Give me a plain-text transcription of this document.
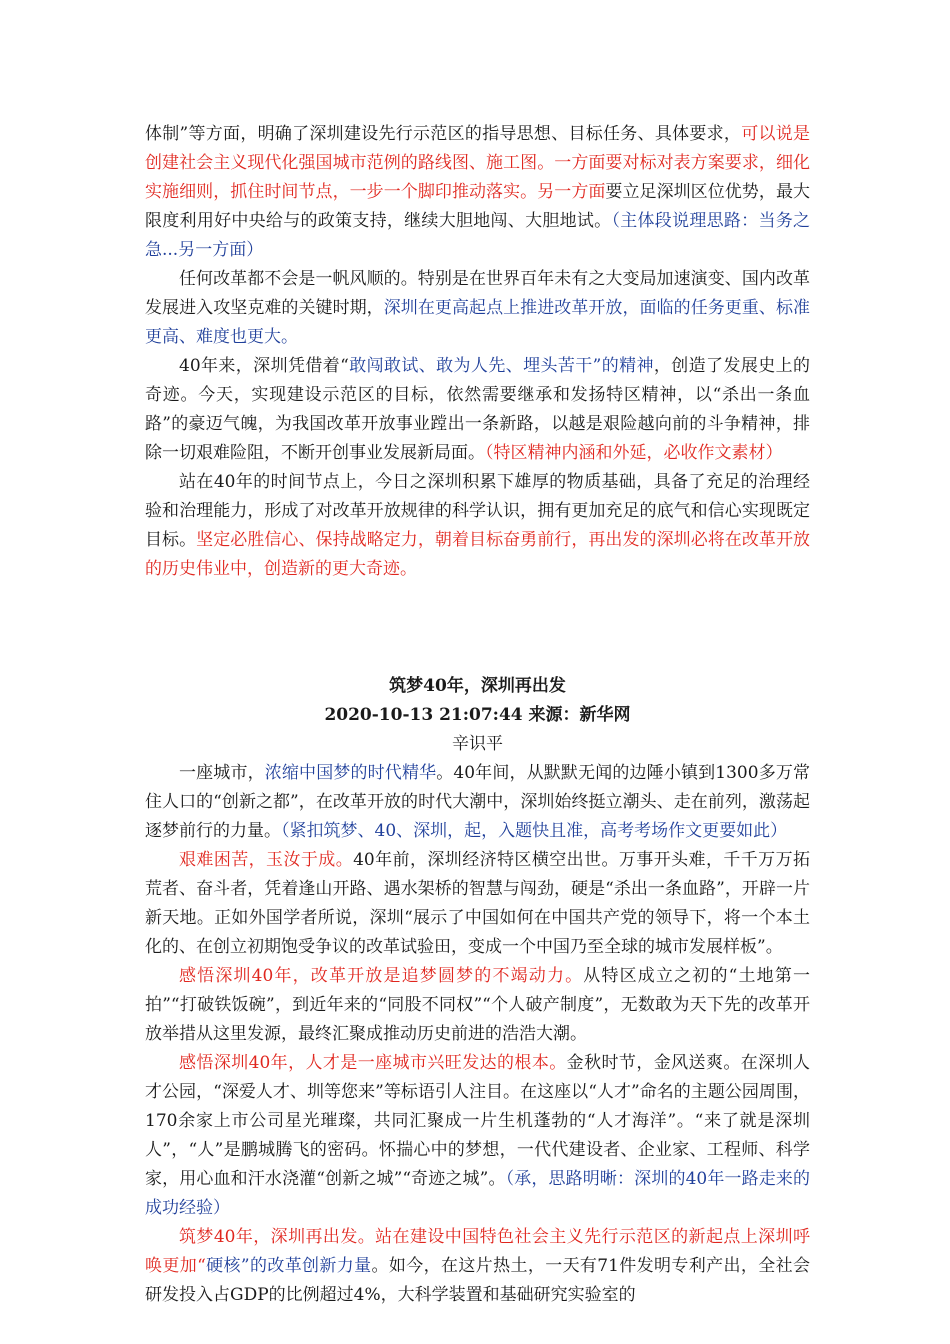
体制”等方面，明确了深圳建设先行示范区的指导思想、目标任务、具体要求，可以说是创建社会主义现代化强国城市范例的路线图、施工图。一方面要对标对表方案要求，细化实施细则，抓住时间节点，一步一个脚印推动落实。另一方面要立足深圳区位优势，最大限度利用好中央给与的政策支持，继续大胆地闯、大胆地试。（主体段说理思路：当务之急...另一方面）

任何改革都不会是一帆风顺的。特别是在世界百年未有之大变局加速演变、国内改革发展进入攻坚克难的关键时期，深圳在更高起点上推进改革开放，面临的任务更重、标准更高、难度也更大。

40年来，深圳凭借着“敢闯敢试、敢为人先、埋头苦干”的精神，创造了发展史上的奇迹。今天，实现建设示范区的目标，依然需要继承和发扬特区精神，以“杀出一条血路”的豪迈气魄，为我国改革开放事业蹚出一条新路，以越是艰险越向前的斗争精神，排除一切艰难险阻，不断开创事业发展新局面。（特区精神内涵和外延，必收作文素材）

站在40年的时间节点上，今日之深圳积累下雄厚的物质基础，具备了充足的治理经验和治理能力，形成了对改革开放规律的科学认识，拥有更加充足的底气和信心实现既定目标。坚定必胜信心、保持战略定力，朝着目标奋勇前行，再出发的深圳必将在改革开放的历史伟业中，创造新的更大奇迹。

筑梦40年，深圳再出发

2020-10-13 21:07:44 来源：新华网

辛识平

一座城市，浓缩中国梦的时代精华。40年间，从默默无闻的边陲小镇到1300多万常住人口的“创新之都”，在改革开放的时代大潮中，深圳始终挺立潮头、走在前列，激荡起逐梦前行的力量。（紧扣筑梦、40、深圳，起，入题快且准，高考考场作文更要如此）

艰难困苦，玉汝于成。40年前，深圳经济特区横空出世。万事开头难，千千万万拓荒者、奋斗者，凭着逢山开路、遇水架桥的智慧与闯劲，硬是“杀出一条血路”，开辟一片新天地。正如外国学者所说，深圳“展示了中国如何在中国共产党的领导下，将一个本土化的、在创立初期饱受争议的改革试验田，变成一个中国乃至全球的城市发展样板”。

感悟深圳40年，改革开放是追梦圆梦的不竭动力。从特区成立之初的“土地第一拍”“打破铁饭碗”，到近年来的“同股不同权”“个人破产制度”，无数敢为天下先的改革开放举措从这里发源，最终汇聚成推动历史前进的浩浩大潮。

感悟深圳40年，人才是一座城市兴旺发达的根本。金秋时节，金风送爽。在深圳人才公园，“深爱人才、圳等您来”等标语引人注目。在这座以“人才”命名的主题公园周围，170余家上市公司星光璀璨，共同汇聚成一片生机蓬勃的“人才海洋”。“来了就是深圳人”，“人”是鹏城腾飞的密码。怀揣心中的梦想，一代代建设者、企业家、工程师、科学家，用心血和汗水浇灌“创新之城”“奇迹之城”。（承，思路明晰：深圳的40年一路走来的成功经验）

筑梦40年，深圳再出发。站在建设中国特色社会主义先行示范区的新起点上深圳呼唤更加“硬核”的改革创新力量。如今，在这片热土，一天有71件发明专利产出，全社会研发投入占GDP的比例超过4%，大科学装置和基础研究实验室的
